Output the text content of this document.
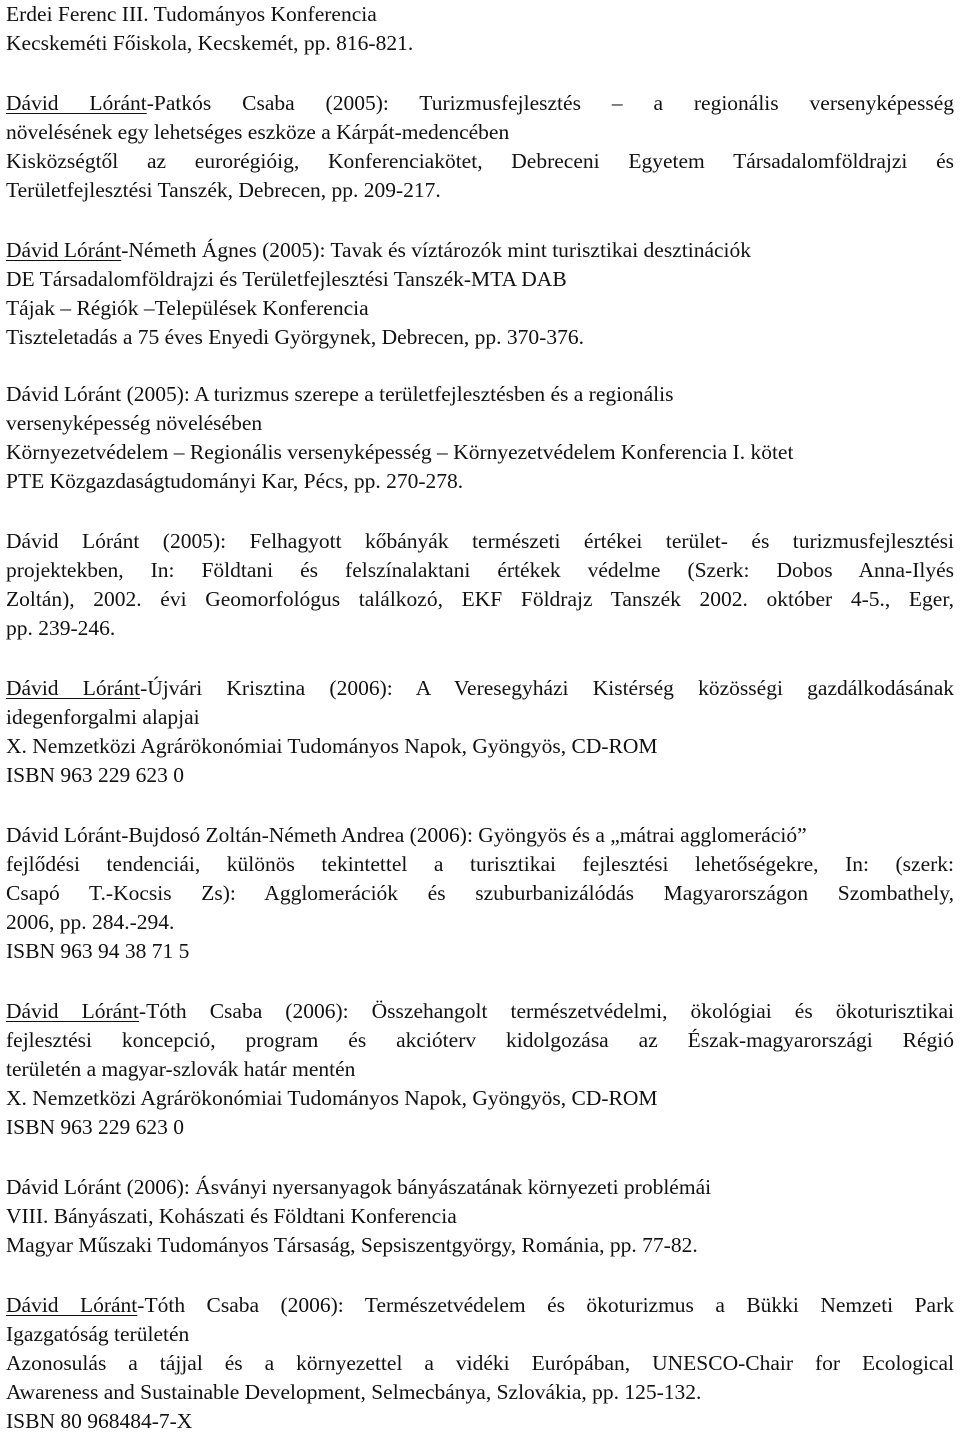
Erdei Ferenc III. Tudományos Konferencia

Kecskeméti Főiskola, Kecskemét, pp. 816-821.

Dávid Lóránt-Patkós Csaba (2005): Turizmusfejlesztés – a regionális versenyképesség

növelésének egy lehetséges eszköze a Kárpát-medencében

Kisközségtől az eurorégióig, Konferenciakötet, Debreceni Egyetem Társadalomföldrajzi és

Területfejlesztési Tanszék, Debrecen, pp. 209-217.

Dávid Lóránt-Németh Ágnes (2005): Tavak és víztározók mint turisztikai desztinációk

DE Társadalomföldrajzi és Területfejlesztési Tanszék-MTA DAB

Tájak – Régiók –Települések Konferencia

Tiszteletadás a 75 éves Enyedi Györgynek, Debrecen, pp. 370-376.

Dávid Lóránt (2005): A turizmus szerepe a területfejlesztésben és a regionális

versenyképesség növelésében

Környezetvédelem – Regionális versenyképesség – Környezetvédelem Konferencia I. kötet

PTE Közgazdaságtudományi Kar, Pécs, pp. 270-278.

Dávid Lóránt (2005): Felhagyott kőbányák természeti értékei terület- és turizmusfejlesztési

projektekben, In: Földtani és felszínalaktani értékek védelme (Szerk: Dobos Anna-Ilyés

Zoltán), 2002. évi Geomorfológus találkozó, EKF Földrajz Tanszék 2002. október 4-5., Eger,

pp. 239-246.

Dávid Lóránt-Újvári Krisztina (2006): A Veresegyházi Kistérség közösségi gazdálkodásának

idegenforgalmi alapjai

X. Nemzetközi Agrárökonómiai Tudományos Napok, Gyöngyös, CD-ROM

ISBN 963 229 623 0

Dávid Lóránt-Bujdosó Zoltán-Németh Andrea (2006): Gyöngyös és a „mátrai agglomeráció”

fejlődési tendenciái, különös tekintettel a turisztikai fejlesztési lehetőségekre, In: (szerk:

Csapó T.-Kocsis Zs): Agglomerációk és szuburbanizálódás Magyarországon Szombathely,

2006, pp. 284.-294.

ISBN 963 94 38 71 5

Dávid Lóránt-Tóth Csaba (2006): Összehangolt természetvédelmi, ökológiai és ökoturisztikai

fejlesztési koncepció, program és akcióterv kidolgozása az Észak-magyarországi Régió

területén a magyar-szlovák határ mentén

X. Nemzetközi Agrárökonómiai Tudományos Napok, Gyöngyös, CD-ROM

ISBN 963 229 623 0

Dávid Lóránt (2006): Ásványi nyersanyagok bányászatának környezeti problémái

VIII. Bányászati, Kohászati és Földtani Konferencia

Magyar Műszaki Tudományos Társaság, Sepsiszentgyörgy, Románia, pp. 77-82.

Dávid Lóránt-Tóth Csaba (2006): Természetvédelem és ökoturizmus a Bükki Nemzeti Park

Igazgatóság területén

Azonosulás a tájjal és a környezettel a vidéki Európában, UNESCO-Chair for Ecological

Awareness and Sustainable Development, Selmecbánya, Szlovákia, pp. 125-132.

ISBN 80 968484-7-X
